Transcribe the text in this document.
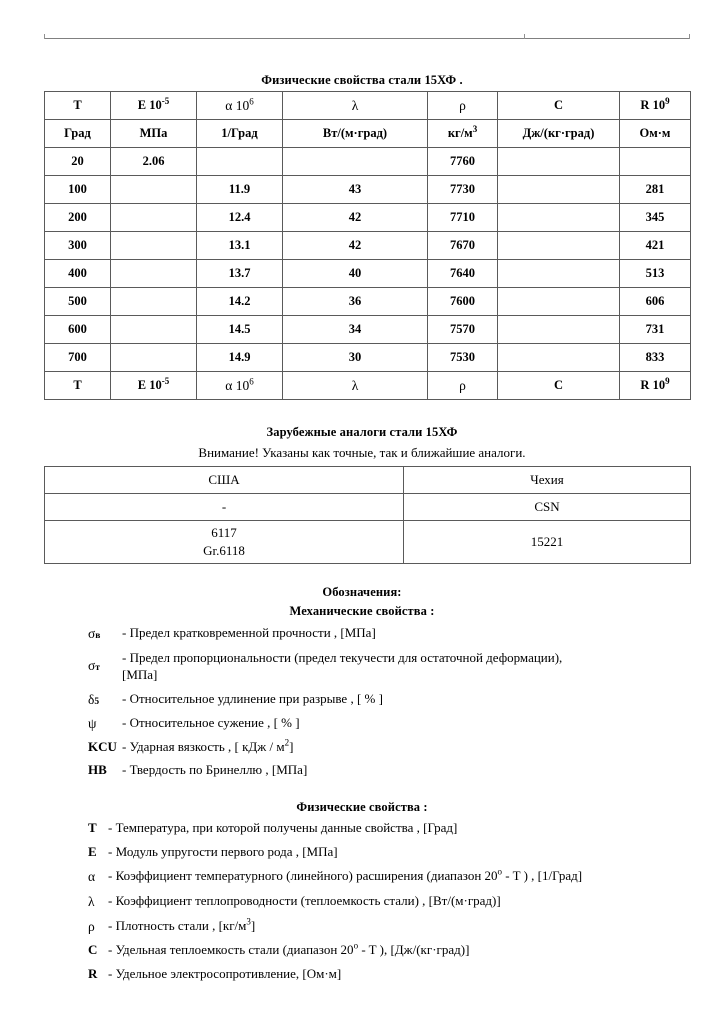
Физические свойства стали 15ХФ .
T	E $10^{-5}$	α $10^6$	λ	ρ	C	R $10^9$
Град	МПа	1/Град	Вт/(м·град)	$кг/м^3$	Дж/(кг·град)	Ом·м
20	2.06			7760		
100		11.9	43	7730		281
200		12.4	42	7710		345
300		13.1	42	7670		421
400		13.7	40	7640		513
500		14.2	36	7600		606
600		14.5	34	7570		731
700		14.9	30	7530		833
T	E $10^{-5}$	α $10^6$	λ	ρ	C	R $10^9$
Зарубежные аналоги стали 15ХФ
Внимание! Указаны как точные, так и ближайшие аналоги.
США	Чехия
-	CSN

6117
Gr.6118	15221
Обозначения:
Механические свойства :
σв	- Предел кратковременной прочности , [МПа]
σт
- Предел пропорциональности (предел текучести для остаточной деформации),
[МПа]
δ5	- Относительное удлинение при разрыве , [ % ]
ψ	- Относительное сужение , [ % ]
KCU - Ударная вязкость , [ кДж / $м^2$]
HB	- Твердость по Бринеллю , [МПа]
Физические свойства :
T - Температура, при которой получены данные свойства , [Град]
E - Модуль упругости первого рода , [МПа]
α - Коэффициент температурного (линейного) расширения (диапазон 20$^o$ - T ) , [1/Град]
λ	- Коэффициент теплопроводности (теплоемкость стали) , [Вт/(м·град)]
ρ	- Плотность стали , $[кг/м^3]$
C - Удельная теплоемкость стали (диапазон 20$^o$ - T ), [Дж/(кг·град)]
R - Удельное электросопротивление, [Ом·м]
